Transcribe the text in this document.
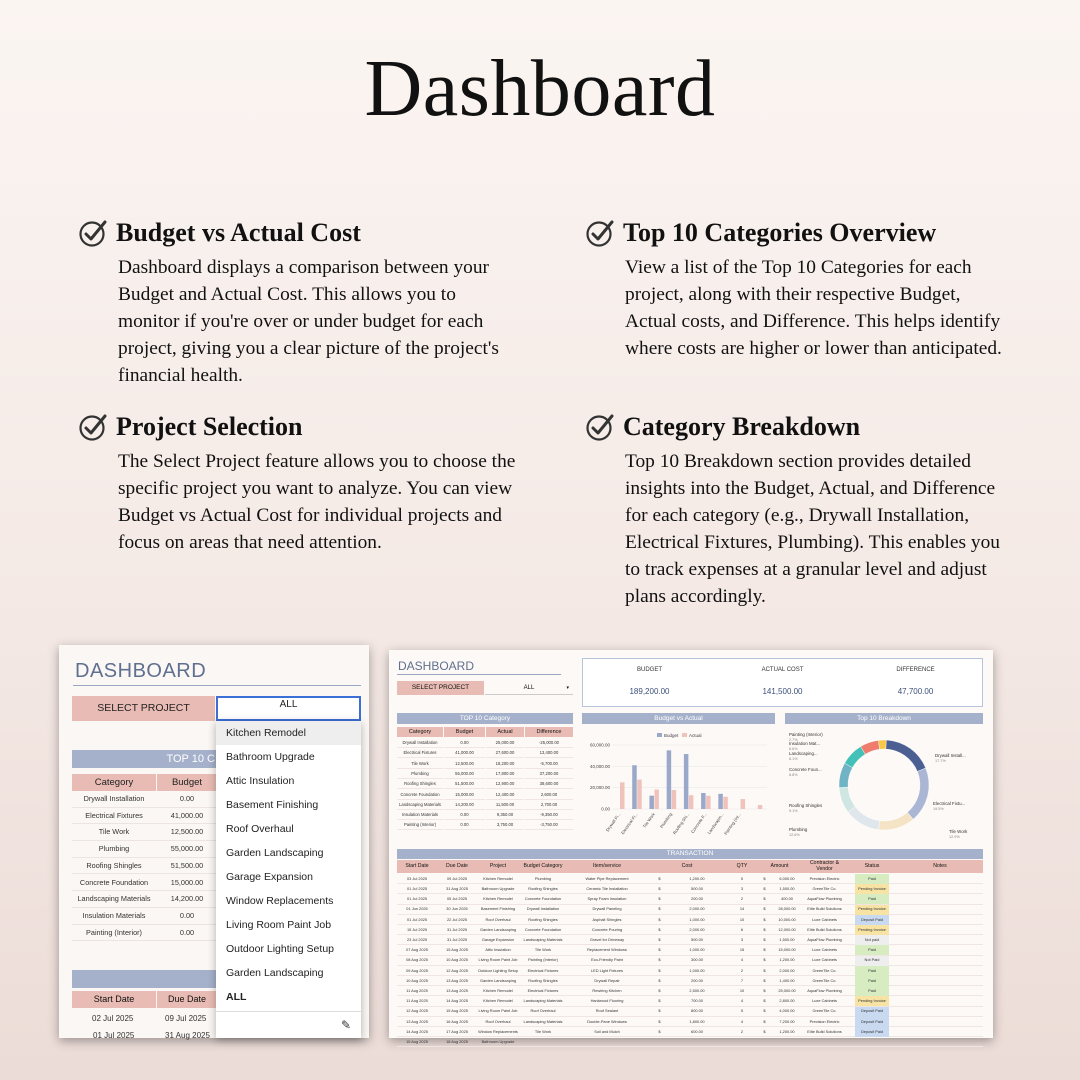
Dashboard
Budget vs Actual Cost

Dashboard displays a comparison between your Budget and Actual Cost. This allows you to monitor if you're over or under budget for each project, giving you a clear picture of the project's financial health.

Top 10 Categories Overview

View a list of the Top 10 Categories for each project, along with their respective Budget, Actual costs, and Difference. This helps identify where costs are higher or lower than anticipated.

Project Selection

The Select Project feature allows you to choose the specific project you want to analyze. You can view Budget vs Actual Cost for individual projects and focus on areas that need attention.

Category Breakdown

Top 10 Breakdown section provides detailed insights into the Budget, Actual, and Difference for each category (e.g., Drywall Installation, Electrical Fixtures, Plumbing). This enables you to track expenses at a granular level and adjust plans accordingly.

DASHBOARD
SELECT PROJECT	ALL
TOP 10 C
Category	Budget
Drywall Installation	0.00
Electrical Fixtures	41,000.00
Tile Work	12,500.00
Plumbing	55,000.00
Roofing Shingles	51,500.00
Concrete Foundation	15,000.00
Landscaping Materials	14,200.00
Insulation Materials	0.00
Painting (Interior)	0.00
Start Date	Due Date
02 Jul 2025	09 Jul 2025
01 Jul 2025	31 Aug 2025
Kitchen Remodel
Bathroom Upgrade
Attic Insulation
Basement Finishing
Roof Overhaul
Garden Landscaping
Garage Expansion
Window Replacements
Living Room Paint Job
Outdoor Lighting Setup
Garden Landscaping
ALL
✎
DASHBOARD
SELECT PROJECT	ALL	▾
BUDGET
189,200.00
ACTUAL COST
141,500.00
DIFFERENCE
47,700.00
TOP 10 Category	Budget vs Actual	Top 10 Breakdown
Category	Budget	Actual	Difference
Drywall Installation	0.00	25,000.00	-25,000.00
Electrical Fixtures	41,000.00	27,600.00	13,400.00
Tile Work	12,500.00	18,200.00	-5,700.00
Plumbing	55,000.00	17,800.00	37,200.00
Roofing Shingles	51,500.00	12,900.00	38,600.00
Concrete Foundation	15,000.00	12,400.00	2,600.00
Landscaping Materials	14,200.00	11,500.00	2,700.00
Insulation Materials	0.00	9,350.00	-9,350.00
Painting (Interior)	0.00	3,750.00	-3,750.00
60,000.00
40,000.00
20,000.00
0.00
Budget Actual
Drywall Fi...
Electrical Fi... Tile Work Plumbing
Roofing Shi... Concrete F...
Landscapin...
Painting (Int...
Drywall Install...
17.7%
Electrical Fixtu...
19.5%
Tile Work
12.9%
Plumbing
12.6%
Roofing Shingles
9.1%
Concrete Foun...
8.8%
Landscaping...
8.1%
Insulation Mat...
6.6%
Painting (Interior)
2.7%
TRANSACTION
Start Date	Due Date	Project	Budget Category	Item/service	Cost	QTY	Amount	Contractor & Vendor	Status	Notes
03 Jul 2025	09 Jul 2025	Kitchen Remodel	Plumbing	Water Pipe Replacement	$	1,200.00	5	$	6,000.00	Precision Electric	Paid
01 Jul 2025	31 Aug 2025	Bathroom Upgrade	Roofing Shingles	Ceramic Tile Installation	$	500.00	3	$	1,500.00	GreenTile Co.	Pending Invoice
01 Jul 2025	05 Jul 2025	Kitchen Remodel	Concrete Foundation	Spray Foam Insulation	$	200.00	2	$	400.00	AquaFlow Plumbing	Paid
01 Jun 2025	30 Jun 2025	Basement Finishing	Drywall Installation	Drywall Paneling	$	2,000.00	14	$	28,000.00	Elite Build Solutions	Pending Invoice
01 Jul 2025	22 Jul 2025	Roof Overhaul	Roofing Shingles	Asphalt Shingles	$	1,000.00	10	$	10,000.00	Luxe Cabinets	Deposit Paid
15 Jul 2025	31 Jul 2025	Garden Landscaping	Concrete Foundation	Concrete Pouring	$	2,000.00	6	$	12,000.00	Elite Build Solutions	Pending Invoice
23 Jul 2025	31 Jul 2025	Garage Expansion	Landscaping Materials	Gravel for Driveway	$	500.00	3	$	1,500.00	AquaFlow Plumbing	Not paid
07 Aug 2025	15 Aug 2025	Attic Insulation	Tile Work	Replacement Windows	$	1,000.00	15	$	15,000.00	Luxe Cabinets	Paid
08 Aug 2025	10 Aug 2025	Living Room Paint Job	Painting (Interior)	Eco-Friendly Paint	$	300.00	4	$	1,200.00	Luxe Cabinets	Not Paid
09 Aug 2025	12 Aug 2025	Outdoor Lighting Setup	Electrical Fixtures	LED Light Fixtures	$	1,000.00	2	$	2,000.00	GreenTile Co.	Paid
10 Aug 2025	13 Aug 2025	Garden Landscaping	Roofing Shingles	Drywall Repair	$	200.00	7	$	1,400.00	GreenTile Co.	Paid
11 Aug 2025	13 Aug 2025	Kitchen Remodel	Electrical Fixtures	Rewiring Kitchen	$	2,500.00	10	$	25,000.00	AquaFlow Plumbing	Paid
11 Aug 2025	14 Aug 2025	Kitchen Remodel	Landscaping Materials	Hardwood Flooring	$	700.00	4	$	2,800.00	Luxe Cabinets	Pending Invoice
12 Aug 2025	15 Aug 2025	Living Room Paint Job	Roof Overhaul	Roof Sealant	$	800.00	5	$	4,000.00	GreenTile Co.	Deposit Paid
13 Aug 2025	16 Aug 2025	Roof Overhaul	Landscaping Materials	Double-Pane Windows	$	1,800.00	4	$	7,200.00	Precision Electric	Deposit Paid
14 Aug 2025	17 Aug 2025	Window Replacements	Tile Work	Soil and Mulch	$	600.00	2	$	1,200.00	Elite Build Solutions	Deposit Paid
15 Aug 2025	18 Aug 2025	Bathroom Upgrade
